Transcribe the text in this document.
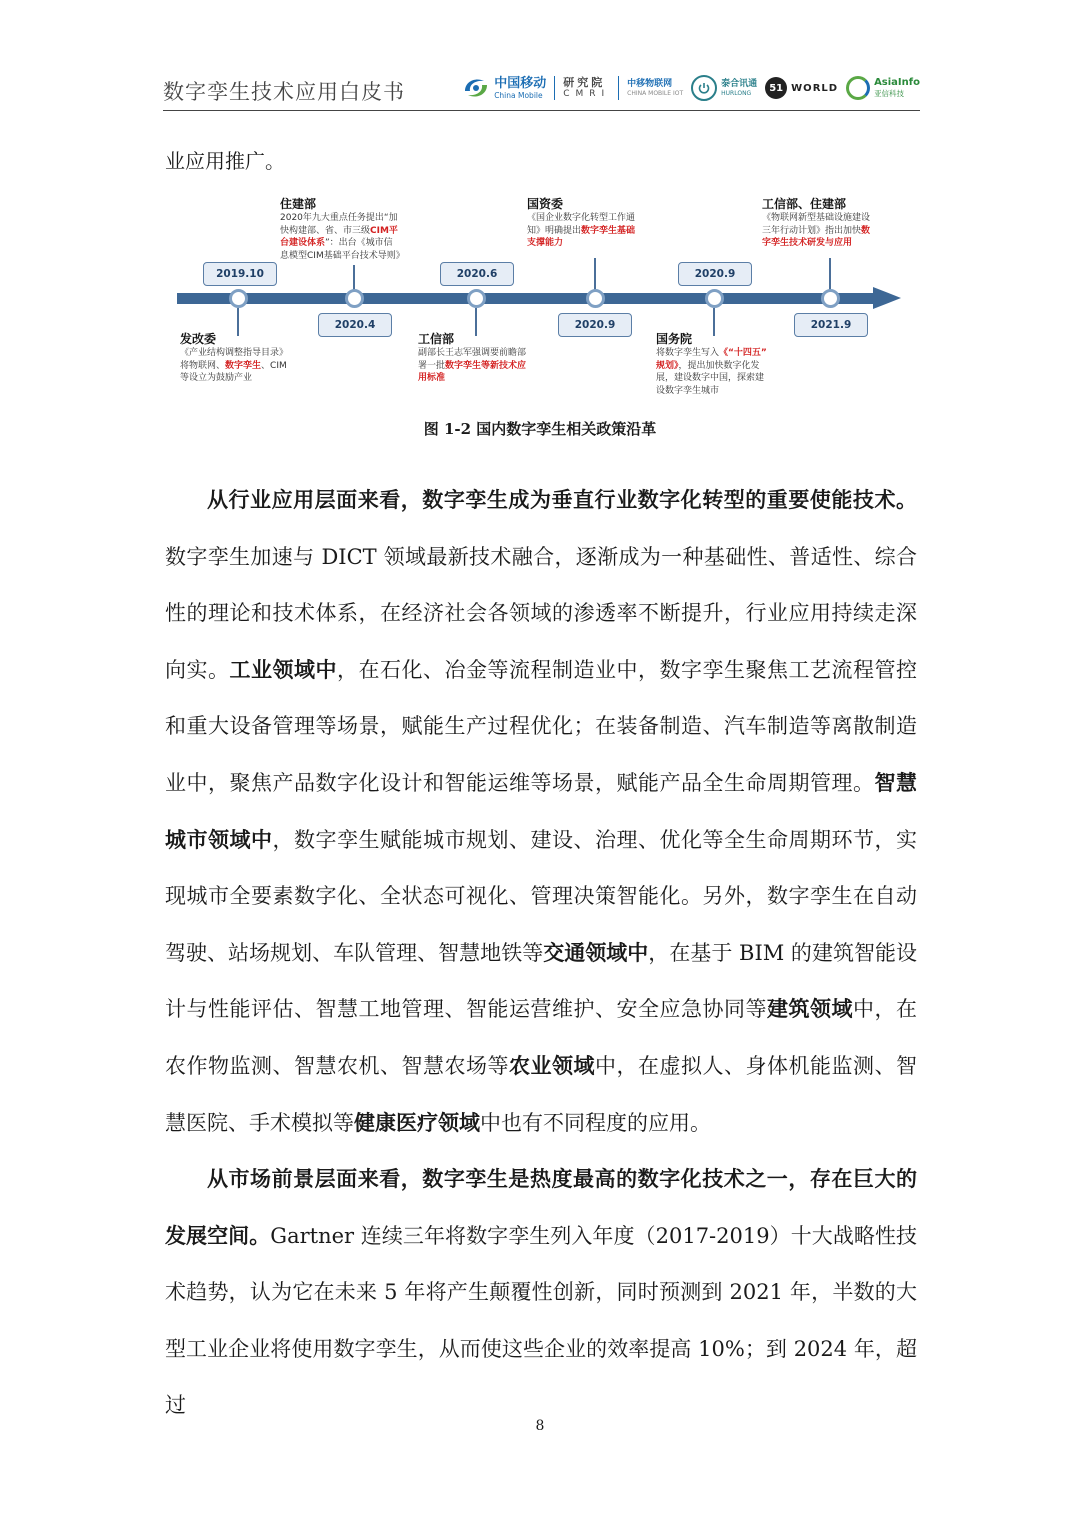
数字孪生技术应用白皮书	中国移动
China Mobile
研究院
CMRI
中移物联网
CHINA MOBILE IOT
泰合讯通
HURLONG	51 WORLD	AsiaInfo
亚信科技
业应用推广。
2019.10
发改委
《产业结构调整指导目录》
将物联网、数字孪生、CIM
等设立为鼓励产业
住建部
2020年九大重点任务提出“加
快构建部、省、市三级CIM平
台建设体系”：出台《城市信
息模型CIM基础平台技术导则》
2020.4
2020.6
工信部
副部长王志军强调要前瞻部
署一批数字孪生等新技术应
用标准
国资委
《国企业数字化转型工作通
知》明确提出数字孪生基础
支撑能力
2020.9
2020.9
国务院
将数字孪生写入《“十四五”
规划》，提出加快数字化发
展，建设数字中国，探索建
设数字孪生城市
工信部、住建部
《物联网新型基础设施建设
三年行动计划》指出加快数
字孪生技术研发与应用
2021.9
图 1-2 国内数字孪生相关政策沿革
从行业应用层面来看，数字孪生成为垂直行业数字化转型的重要使能技术。数字孪生加速与 DICT 领域最新技术融合，逐渐成为一种基础性、普适性、综合性的理论和技术体系，在经济社会各领域的渗透率不断提升，行业应用持续走深向实。工业领域中，在石化、冶金等流程制造业中，数字孪生聚焦工艺流程管控和重大设备管理等场景，赋能生产过程优化；在装备制造、汽车制造等离散制造业中，聚焦产品数字化设计和智能运维等场景，赋能产品全生命周期管理。智慧城市领域中，数字孪生赋能城市规划、建设、治理、优化等全生命周期环节，实现城市全要素数字化、全状态可视化、管理决策智能化。另外，数字孪生在自动驾驶、站场规划、车队管理、智慧地铁等交通领域中，在基于 BIM 的建筑智能设计与性能评估、智慧工地管理、智能运营维护、安全应急协同等建筑领域中，在农作物监测、智慧农机、智慧农场等农业领域中，在虚拟人、身体机能监测、智慧医院、手术模拟等健康医疗领域中也有不同程度的应用。
从市场前景层面来看，数字孪生是热度最高的数字化技术之一，存在巨大的发展空间。Gartner 连续三年将数字孪生列入年度（2017-2019）十大战略性技术趋势，认为它在未来 5 年将产生颠覆性创新，同时预测到 2021 年，半数的大型工业企业将使用数字孪生，从而使这些企业的效率提高 10%；到 2024 年，超过
8
